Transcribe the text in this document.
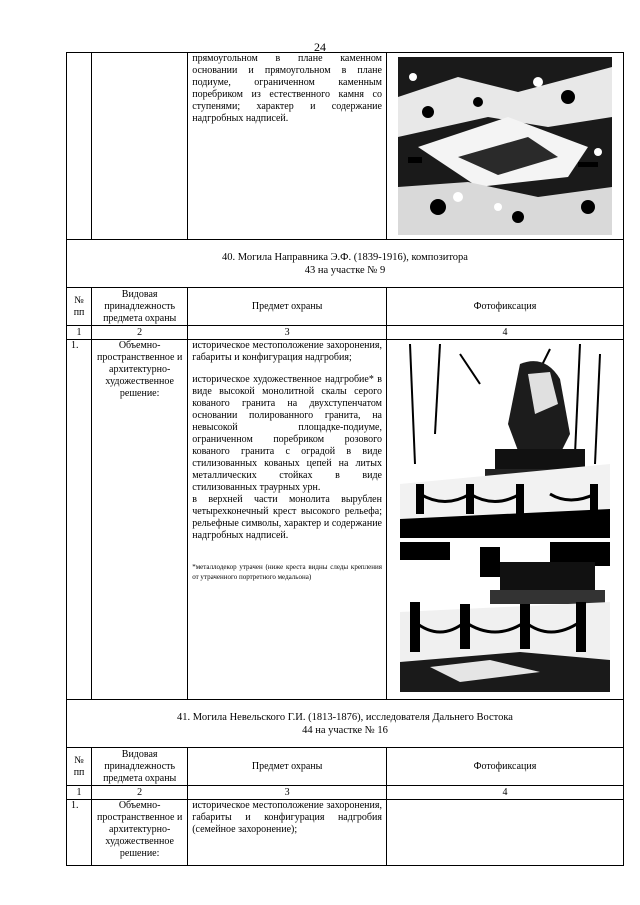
24

		прямоугольном в плане каменном основании и прямоугольном в плане подиуме, ограниченном каменным поребриком из естественного камня со ступенями; характер и содержание надгробных надписей.

40. Могила Направника Э.Ф. (1839-1916), композитора
43 на участке № 9			

№ пп	Видовая принадлежность предмета охраны	Предмет охраны	Фотофиксация
1	2	3	4
1.	Объемно-пространственное и архитектурно-художественное решение:	историческое местоположение захоронения, габариты и конфигурация надгробия;

историческое художественное надгробие* в виде высокой монолитной скалы серого кованого гранита на двухступенчатом основании полированного гранита, на невысокой площадке-подиуме, ограниченном поребриком розового кованого гранита с оградой в виде стилизованных кованых цепей на литых металлических стойках в виде стилизованных траурных урн.

в верхней части монолита вырублен четырехконечный крест высокого рельефа; рельефные символы, характер и содержание надгробных надписей.

*металлодекор утрачен (ниже креста видны следы крепления от утраченного портретного медальона)

41. Могила Невельского Г.И. (1813-1876), исследователя Дальнего Востока
44 на участке № 16			

№ пп	Видовая принадлежность предмета охраны	Предмет охраны	Фотофиксация
1	2	3	4
1.	Объемно-пространственное и архитектурно-художественное решение:	историческое местоположение захоронения, габариты и конфигурация надгробия (семейное захоронение);	
